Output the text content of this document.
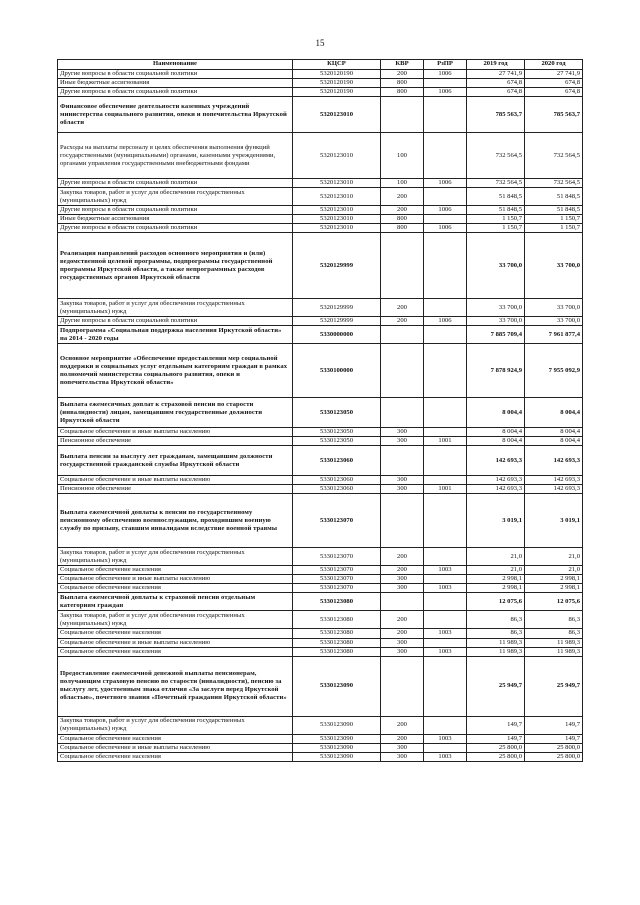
15
Наименование	КЦСР	КВР	РзПР	2019 год	2020 год
Другие вопросы в области социальной политики	5320120190	200	1006	27 741,9	27 741,9
Иные бюджетные ассигнования	5320120190	800		674,8	674,8
Другие вопросы в области социальной политики	5320120190	800	1006	674,8	674,8
Финансовое обеспечение деятельности казенных учреждений министерства социального развития, опеки и попечительства Иркутской области	5320123010			785 563,7	785 563,7
Расходы на выплаты персоналу в целях обеспечения выполнения функций государственными (муниципальными) органами, казенными учреждениями, органами управления государственными внебюджетными фондами	5320123010	100		732 564,5	732 564,5
Другие вопросы в области социальной политики	5320123010	100	1006	732 564,5	732 564,5
Закупка товаров, работ и услуг для обеспечения государственных (муниципальных) нужд	5320123010	200		51 848,5	51 848,5
Другие вопросы в области социальной политики	5320123010	200	1006	51 848,5	51 848,5
Иные бюджетные ассигнования	5320123010	800		1 150,7	1 150,7
Другие вопросы в области социальной политики	5320123010	800	1006	1 150,7	1 150,7
Реализация направлений расходов основного мероприятия и (или) ведомственной целевой программы, подпрограммы государственной программы Иркутской области, а также непрограммных расходов государственных органов Иркутской области	5320129999			33 700,0	33 700,0
Закупка товаров, работ и услуг для обеспечения государственных (муниципальных) нужд	5320129999	200		33 700,0	33 700,0
Другие вопросы в области социальной политики	5320129999	200	1006	33 700,0	33 700,0
Подпрограмма «Социальная поддержка населения Иркутской области» на 2014 - 2020 годы	5330000000			7 885 709,4	7 961 877,4
Основное мероприятие «Обеспечение предоставления мер социальной поддержки и социальных услуг отдельным категориям граждан в рамках полномочий министерства социального развития, опеки и попечительства Иркутской области»	5330100000			7 878 924,9	7 955 092,9
Выплата ежемесячных доплат к страховой пенсии по старости (инвалидности) лицам, замещавшим государственные должности Иркутской области	5330123050			8 004,4	8 004,4
Социальное обеспечение и иные выплаты населению	5330123050	300		8 004,4	8 004,4
Пенсионное обеспечение	5330123050	300	1001	8 004,4	8 004,4
Выплата пенсии за выслугу лет гражданам, замещавшим должности государственной гражданской службы Иркутской области	5330123060			142 693,3	142 693,3
Социальное обеспечение и иные выплаты населению	5330123060	300		142 693,3	142 693,3
Пенсионное обеспечение	5330123060	300	1001	142 693,3	142 693,3
Выплата ежемесячной доплаты к пенсии по государственному пенсионному обеспечению военнослужащим, проходившим военную службу по призыву, ставшим инвалидами вследствие военной травмы	5330123070			3 019,1	3 019,1
Закупка товаров, работ и услуг для обеспечения государственных (муниципальных) нужд	5330123070	200		21,0	21,0
Социальное обеспечение населения	5330123070	200	1003	21,0	21,0
Социальное обеспечение и иные выплаты населению	5330123070	300		2 998,1	2 998,1
Социальное обеспечение населения	5330123070	300	1003	2 998,1	2 998,1
Выплата ежемесячной доплаты к страховой пенсии отдельным категориям граждан	5330123080			12 075,6	12 075,6
Закупка товаров, работ и услуг для обеспечения государственных (муниципальных) нужд	5330123080	200		86,3	86,3
Социальное обеспечение населения	5330123080	200	1003	86,3	86,3
Социальное обеспечение и иные выплаты населению	5330123080	300		11 989,3	11 989,3
Социальное обеспечение населения	5330123080	300	1003	11 989,3	11 989,3
Предоставление ежемесячной денежной выплаты пенсионерам, получающим страховую пенсию по старости (инвалидности), пенсию за выслугу лет, удостоенным знака отличия «За заслуги перед Иркутской областью», почетного звания «Почетный гражданин Иркутской области»	5330123090			25 949,7	25 949,7
Закупка товаров, работ и услуг для обеспечения государственных (муниципальных) нужд	5330123090	200		149,7	149,7
Социальное обеспечение населения	5330123090	200	1003	149,7	149,7
Социальное обеспечение и иные выплаты населению	5330123090	300		25 800,0	25 800,0
Социальное обеспечение населения	5330123090	300	1003	25 800,0	25 800,0
